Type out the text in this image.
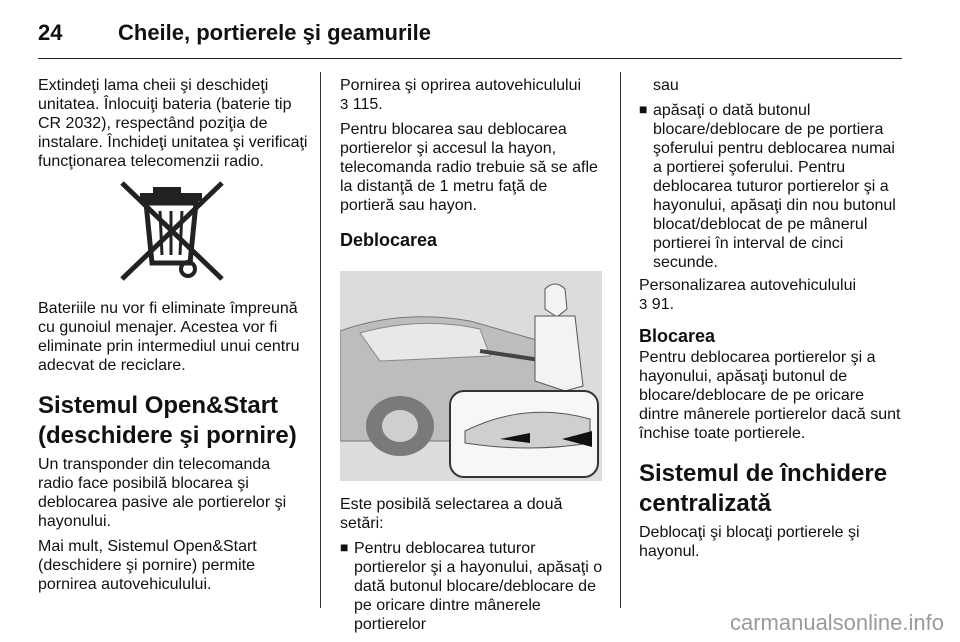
24	Cheile, portierele şi geamurile

Extindeţi lama cheii şi deschideţi unitatea. Înlocuiţi bateria (baterie tip CR 2032), respectând poziţia de instalare. Închideţi unitatea şi verificaţi funcţionarea telecomenzii radio.

Bateriile nu vor fi eliminate împreună cu gunoiul menajer. Acestea vor fi eliminate prin intermediul unui centru adecvat de reciclare.

Sistemul Open&Start (deschidere şi pornire)

Un transponder din telecomanda radio face posibilă blocarea şi deblocarea pasive ale portierelor şi hayonului.

Mai mult, Sistemul Open&Start (deschidere şi pornire) permite pornirea autovehiculului.

Pornirea şi oprirea autovehiculului
3 115.

Pentru blocarea sau deblocarea portierelor şi accesul la hayon, telecomanda radio trebuie să se afle la distanţă de 1 metru faţă de portieră sau hayon.

Deblocarea

Este posibilă selectarea a două setări:

■ Pentru deblocarea tuturor portierelor şi a hayonului, apăsaţi o dată butonul blocare/deblocare de pe oricare dintre mânerele portierelor

sau

■ apăsaţi o dată butonul blocare/deblocare de pe portiera şoferului pentru deblocarea numai a portierei şoferului. Pentru deblocarea tuturor portierelor şi a hayonului, apăsaţi din nou butonul blocat/deblocat de pe mânerul portierei în interval de cinci secunde.

Personalizarea autovehiculului
3 91.

Blocarea

Pentru deblocarea portierelor şi a hayonului, apăsaţi butonul de blocare/deblocare de pe oricare dintre mânerele portierelor dacă sunt închise toate portierele.

Sistemul de închidere centralizată

Deblocaţi şi blocaţi portierele şi hayonul.

carmanualsonline.info
